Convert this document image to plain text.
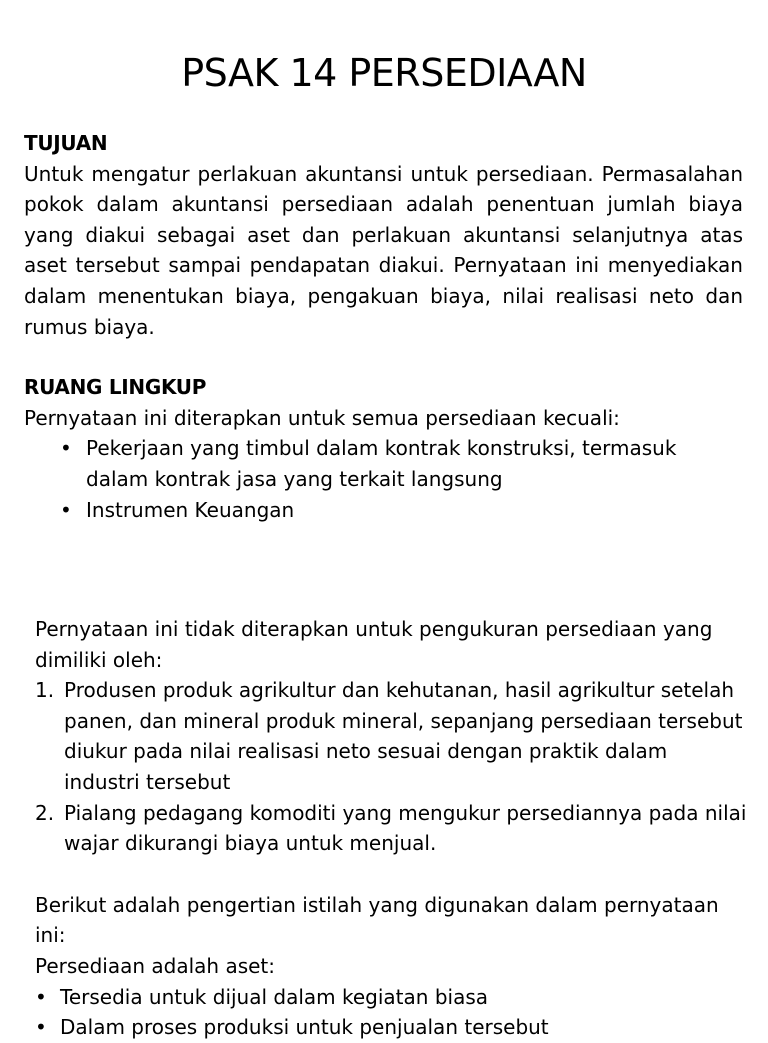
PSAK 14 PERSEDIAAN
TUJUAN
Untuk mengatur perlakuan akuntansi untuk persediaan. Permasalahan pokok dalam akuntansi persediaan adalah penentuan jumlah biaya yang diakui sebagai aset dan perlakuan akuntansi selanjutnya atas aset tersebut sampai pendapatan diakui. Pernyataan ini menyediakan dalam menentukan biaya, pengakuan biaya, nilai realisasi neto dan rumus biaya.
RUANG LINGKUP
Pernyataan ini diterapkan untuk semua persediaan kecuali:
• Pekerjaan yang timbul dalam kontrak konstruksi, termasuk dalam kontrak jasa yang terkait langsung
• Instrumen Keuangan
Pernyataan ini tidak diterapkan untuk pengukuran persediaan yang dimiliki oleh:
1. Produsen produk agrikultur dan kehutanan, hasil agrikultur setelah panen, dan mineral produk mineral, sepanjang persediaan tersebut diukur pada nilai realisasi neto sesuai dengan praktik dalam industri tersebut
2. Pialang pedagang komoditi yang mengukur persediannya pada nilai wajar dikurangi biaya untuk menjual.
Berikut adalah pengertian istilah yang digunakan dalam pernyataan ini:
Persediaan adalah aset:
• Tersedia untuk dijual dalam kegiatan biasa
• Dalam proses produksi untuk penjualan tersebut
